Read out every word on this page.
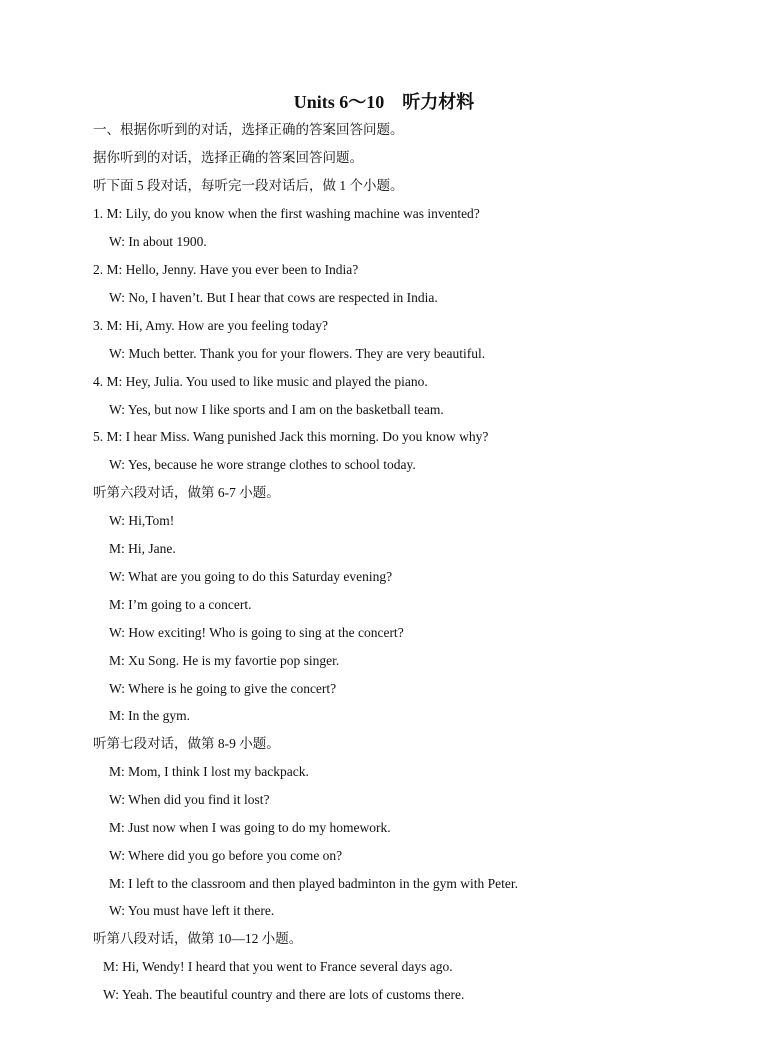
Units 6～10　听力材料
一、根据你听到的对话，选择正确的答案回答问题。
据你听到的对话，选择正确的答案回答问题。
听下面 5 段对话，每听完一段对话后，做 1 个小题。
1. M: Lily, do you know when the first washing machine was invented?
W: In about 1900.
2. M: Hello, Jenny. Have you ever been to India?
W: No, I haven’t. But I hear that cows are respected in India.
3. M: Hi, Amy. How are you feeling today?
W: Much better. Thank you for your flowers. They are very beautiful.
4. M: Hey, Julia. You used to like music and played the piano.
W: Yes, but now I like sports and I am on the basketball team.
5. M: I hear Miss. Wang punished Jack this morning. Do you know why?
W: Yes, because he wore strange clothes to school today.
听第六段对话，做第 6-7 小题。
W: Hi,Tom!
M: Hi, Jane.
W: What are you going to do this Saturday evening?
M: I’m going to a concert.
W: How exciting! Who is going to sing at the concert?
M: Xu Song. He is my favortie pop singer.
W: Where is he going to give the concert?
M: In the gym.
听第七段对话，做第 8-9 小题。
M: Mom, I think I lost my backpack.
W: When did you find it lost?
M: Just now when I was going to do my homework.
W: Where did you go before you come on?
M: I left to the classroom and then played badminton in the gym with Peter.
W: You must have left it there.
听第八段对话，做第 10—12 小题。
M: Hi, Wendy! I heard that you went to France several days ago.
W: Yeah. The beautiful country and there are lots of customs there.
